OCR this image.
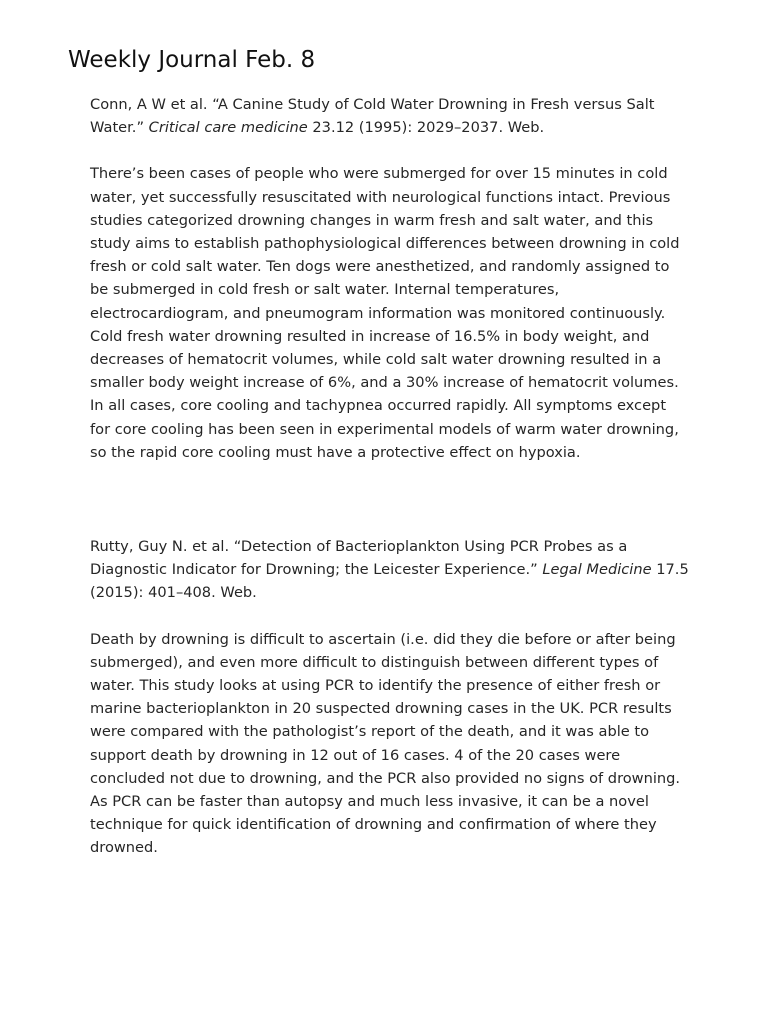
Weekly Journal Feb. 8

Conn, A W et al. “A Canine Study of Cold Water Drowning in Fresh versus Salt Water.” Critical care medicine 23.12 (1995): 2029–2037. Web.

There’s been cases of people who were submerged for over 15 minutes in cold water, yet successfully resuscitated with neurological functions intact. Previous studies categorized drowning changes in warm fresh and salt water, and this study aims to establish pathophysiological differences between drowning in cold fresh or cold salt water. Ten dogs were anesthetized, and randomly assigned to be submerged in cold fresh or salt water. Internal temperatures, electrocardiogram, and pneumogram information was monitored continuously. Cold fresh water drowning resulted in increase of 16.5% in body weight, and decreases of hematocrit volumes, while cold salt water drowning resulted in a smaller body weight increase of 6%, and a 30% increase of hematocrit volumes. In all cases, core cooling and tachypnea occurred rapidly. All symptoms except for core cooling has been seen in experimental models of warm water drowning, so the rapid core cooling must have a protective effect on hypoxia.

Rutty, Guy N. et al. “Detection of Bacterioplankton Using PCR Probes as a Diagnostic Indicator for Drowning; the Leicester Experience.” Legal Medicine 17.5 (2015): 401–408. Web.

Death by drowning is difficult to ascertain (i.e. did they die before or after being submerged), and even more difficult to distinguish between different types of water. This study looks at using PCR to identify the presence of either fresh or marine bacterioplankton in 20 suspected drowning cases in the UK. PCR results were compared with the pathologist’s report of the death, and it was able to support death by drowning in 12 out of 16 cases. 4 of the 20 cases were concluded not due to drowning, and the PCR also provided no signs of drowning. As PCR can be faster than autopsy and much less invasive, it can be a novel technique for quick identification of drowning and confirmation of where they drowned.
